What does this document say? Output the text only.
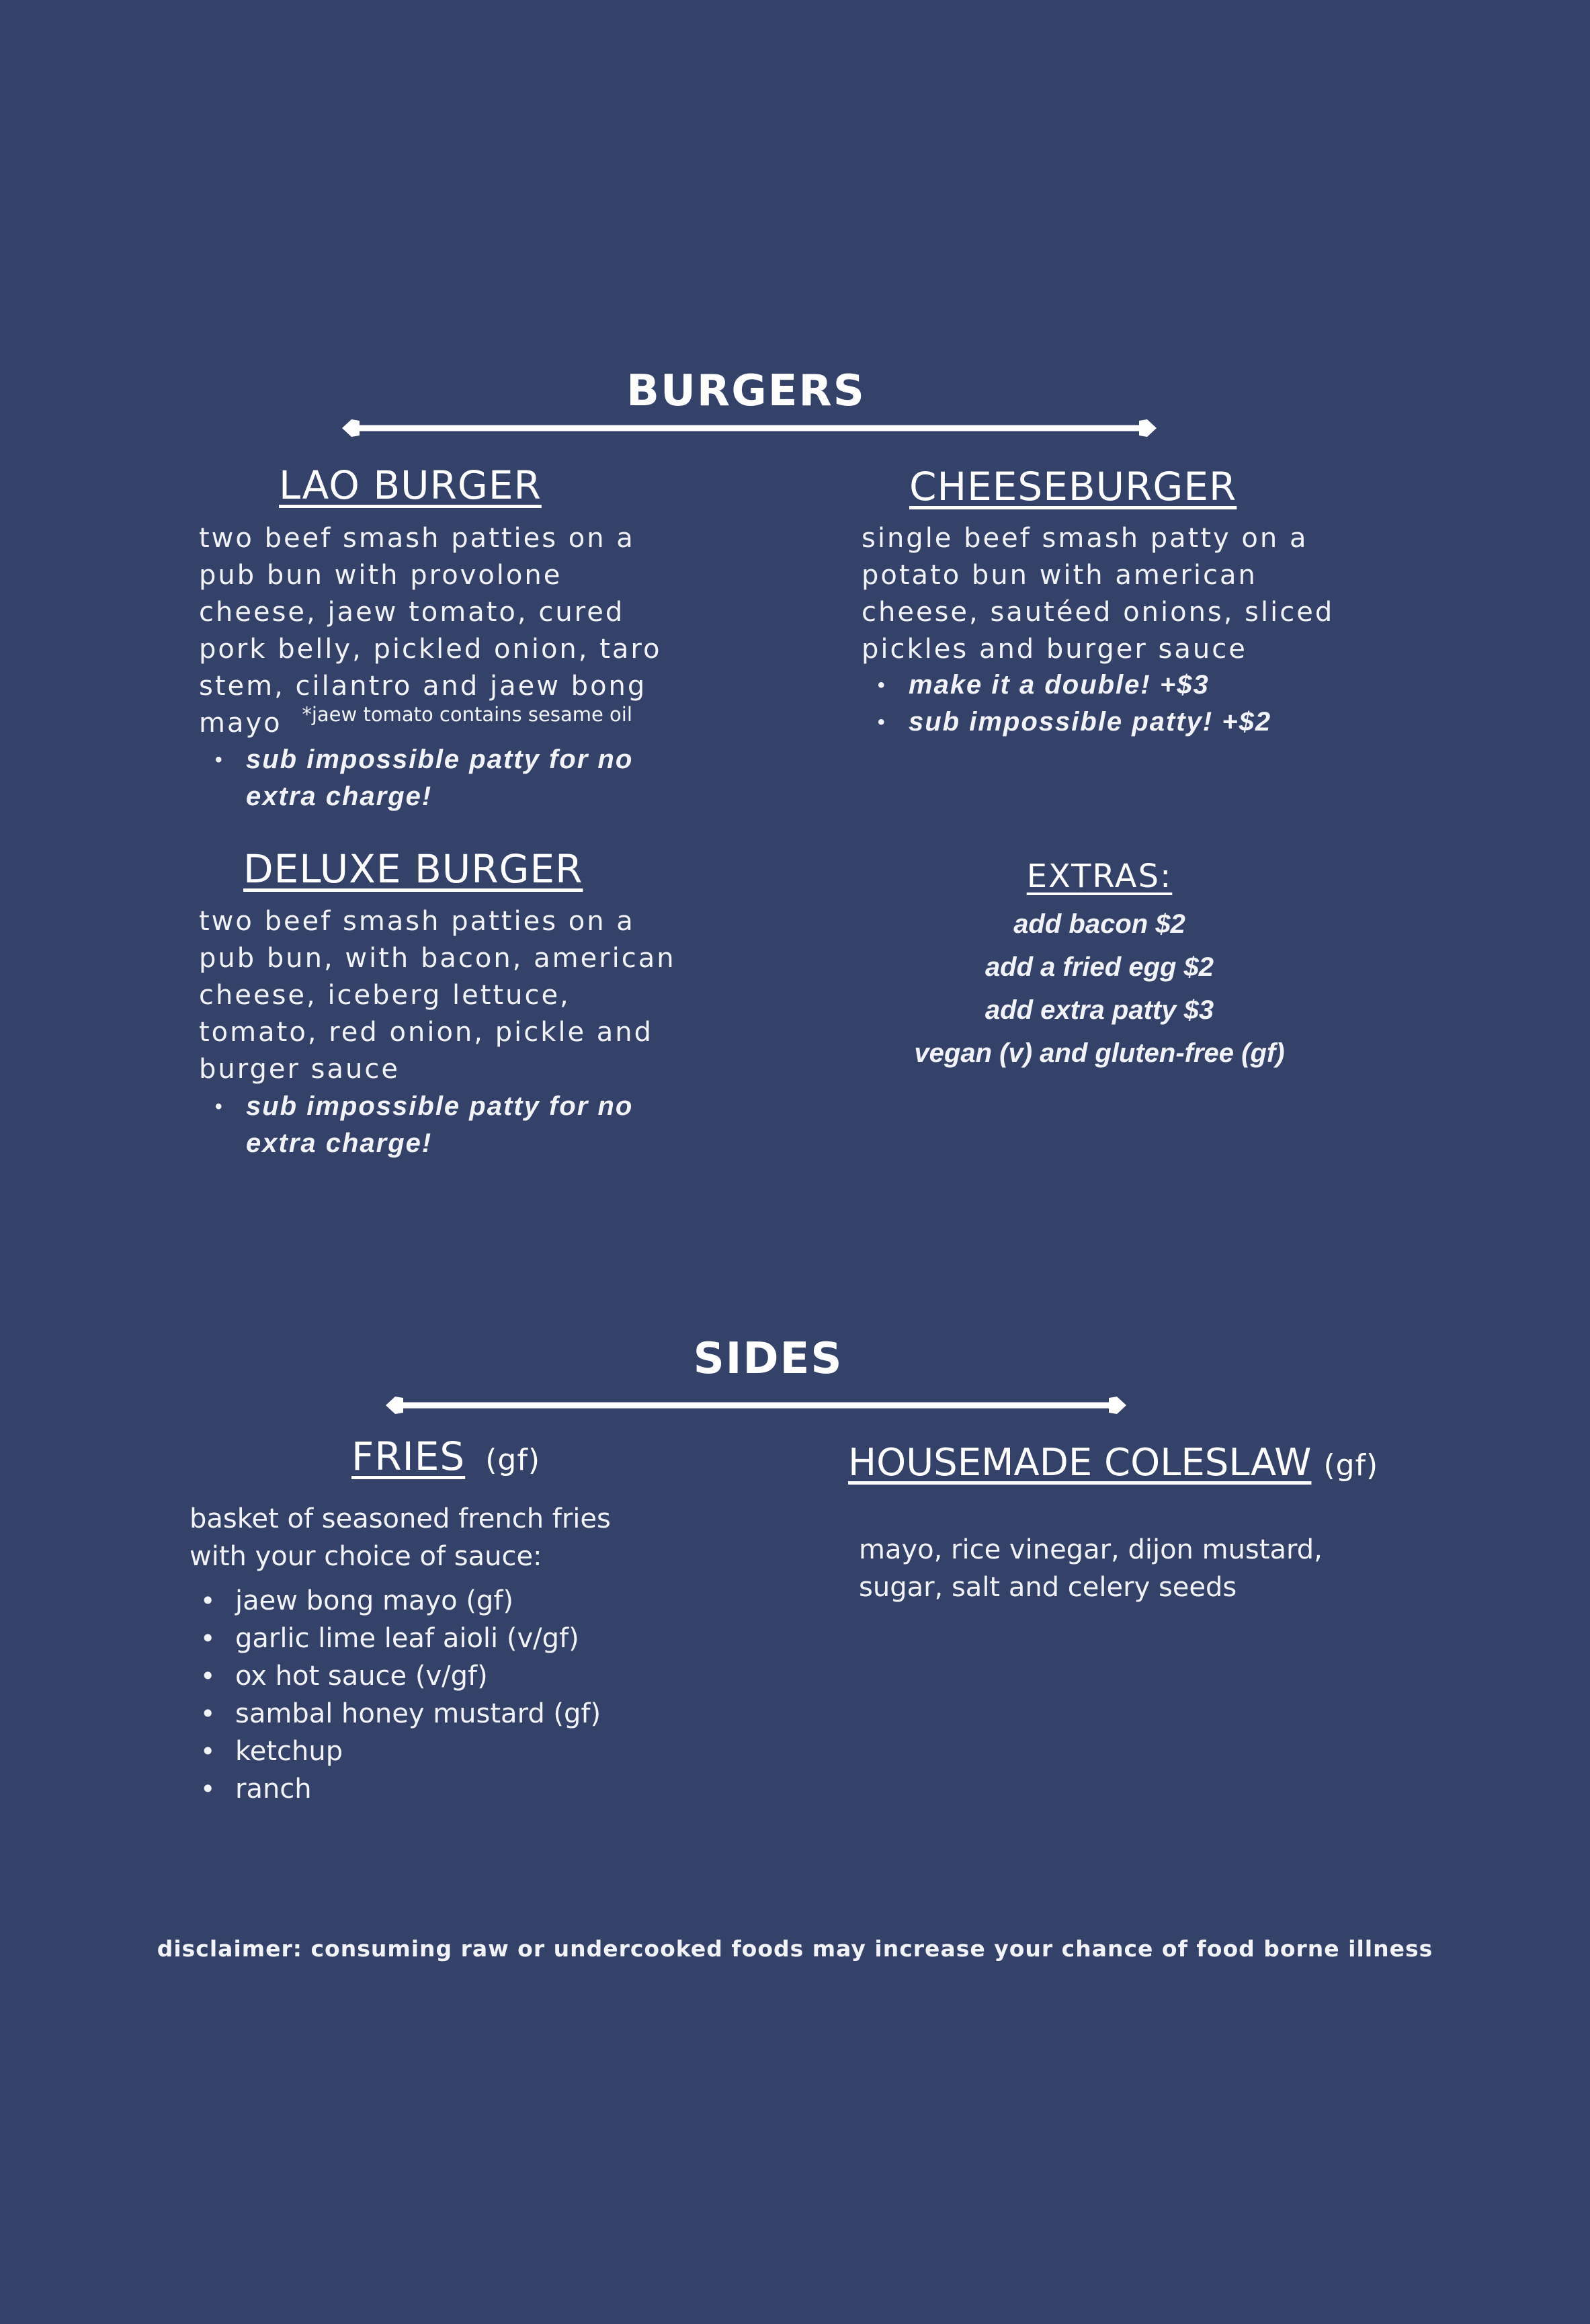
BURGERS
LAO BURGER
two beef smash patties on a
pub bun with provolone
cheese, jaew tomato, cured
pork belly, pickled onion, taro
stem, cilantro and jaew bong
mayo $^{*jaew tomato contains sesame oil}$
• sub impossible patty for no
extra charge!
CHEESEBURGER
single beef smash patty on a
potato bun with american
cheese, sautéed onions, sliced
pickles and burger sauce
• make it a double! +$3
• sub impossible patty! +$2
DELUXE BURGER
two beef smash patties on a
pub bun, with bacon, american
cheese, iceberg lettuce,
tomato, red onion, pickle and
burger sauce
• sub impossible patty for no
extra charge!
EXTRAS:
add bacon $2
add a fried egg $2
add extra patty $3
vegan (v) and gluten-free (gf)
SIDES
FRIES (gf)
basket of seasoned french fries
with your choice of sauce:
• jaew bong mayo (gf)
• garlic lime leaf aioli (v/gf)
• ox hot sauce (v/gf)
• sambal honey mustard (gf)
• ketchup
• ranch
HOUSEMADE COLESLAW (gf)
mayo, rice vinegar, dijon mustard,
sugar, salt and celery seeds
disclaimer: consuming raw or undercooked foods may increase your chance of food borne illness
